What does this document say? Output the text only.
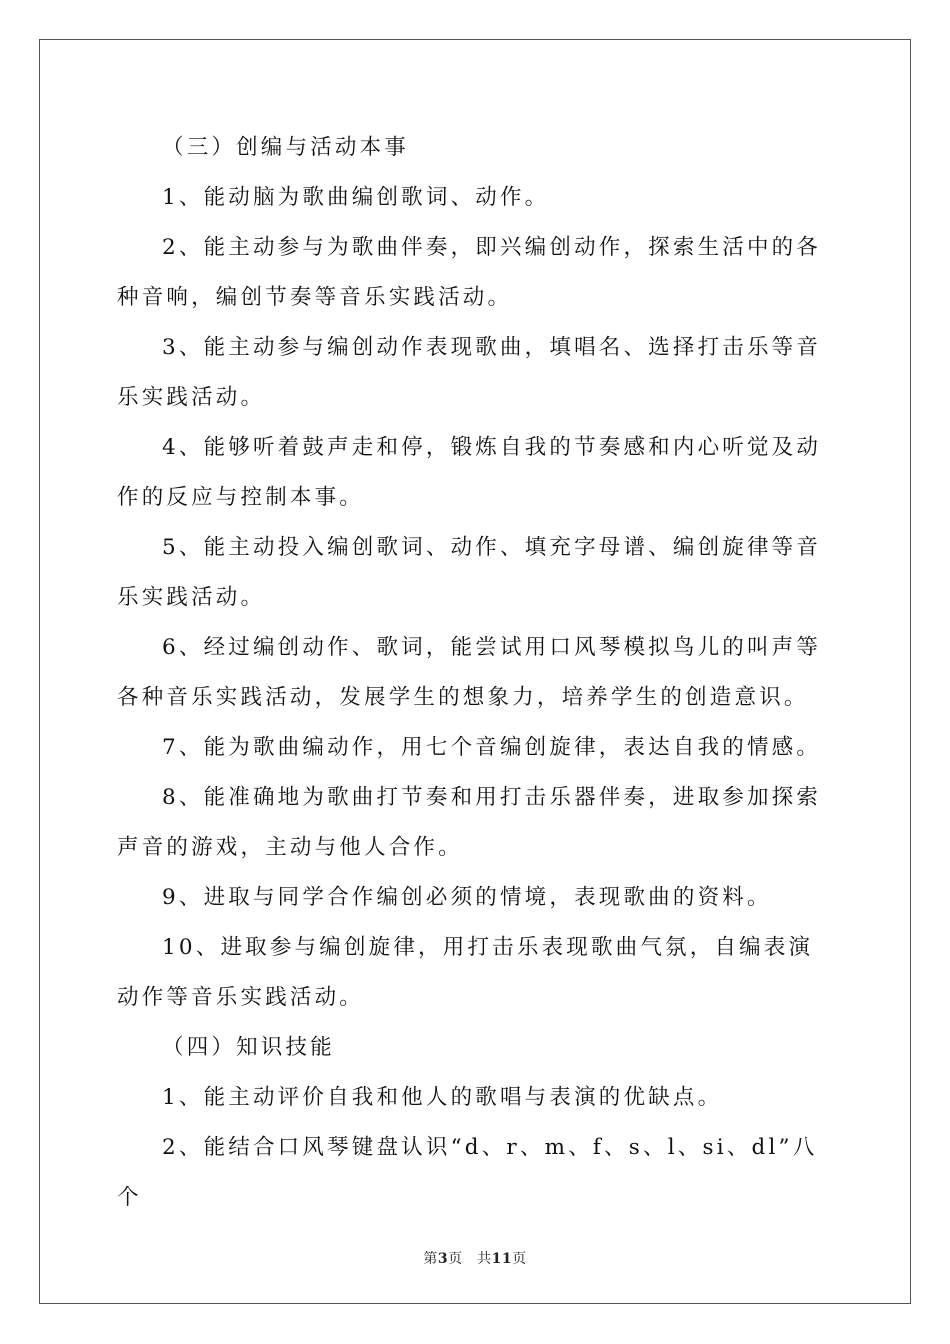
（三）创编与活动本事

1、能动脑为歌曲编创歌词、动作。

2、能主动参与为歌曲伴奏，即兴编创动作，探索生活中的各种音响，编创节奏等音乐实践活动。

3、能主动参与编创动作表现歌曲，填唱名、选择打击乐等音乐实践活动。

4、能够听着鼓声走和停，锻炼自我的节奏感和内心听觉及动作的反应与控制本事。

5、能主动投入编创歌词、动作、填充字母谱、编创旋律等音乐实践活动。

6、经过编创动作、歌词，能尝试用口风琴模拟鸟儿的叫声等各种音乐实践活动，发展学生的想象力，培养学生的创造意识。

7、能为歌曲编动作，用七个音编创旋律，表达自我的情感。

8、能准确地为歌曲打节奏和用打击乐器伴奏，进取参加探索声音的游戏，主动与他人合作。

9、进取与同学合作编创必须的情境，表现歌曲的资料。

10、进取参与编创旋律，用打击乐表现歌曲气氛，自编表演动作等音乐实践活动。

（四）知识技能

1、能主动评价自我和他人的歌唱与表演的优缺点。

2、能结合口风琴键盘认识“d、r、m、f、s、l、si、dl”八个

第3页　共11页
